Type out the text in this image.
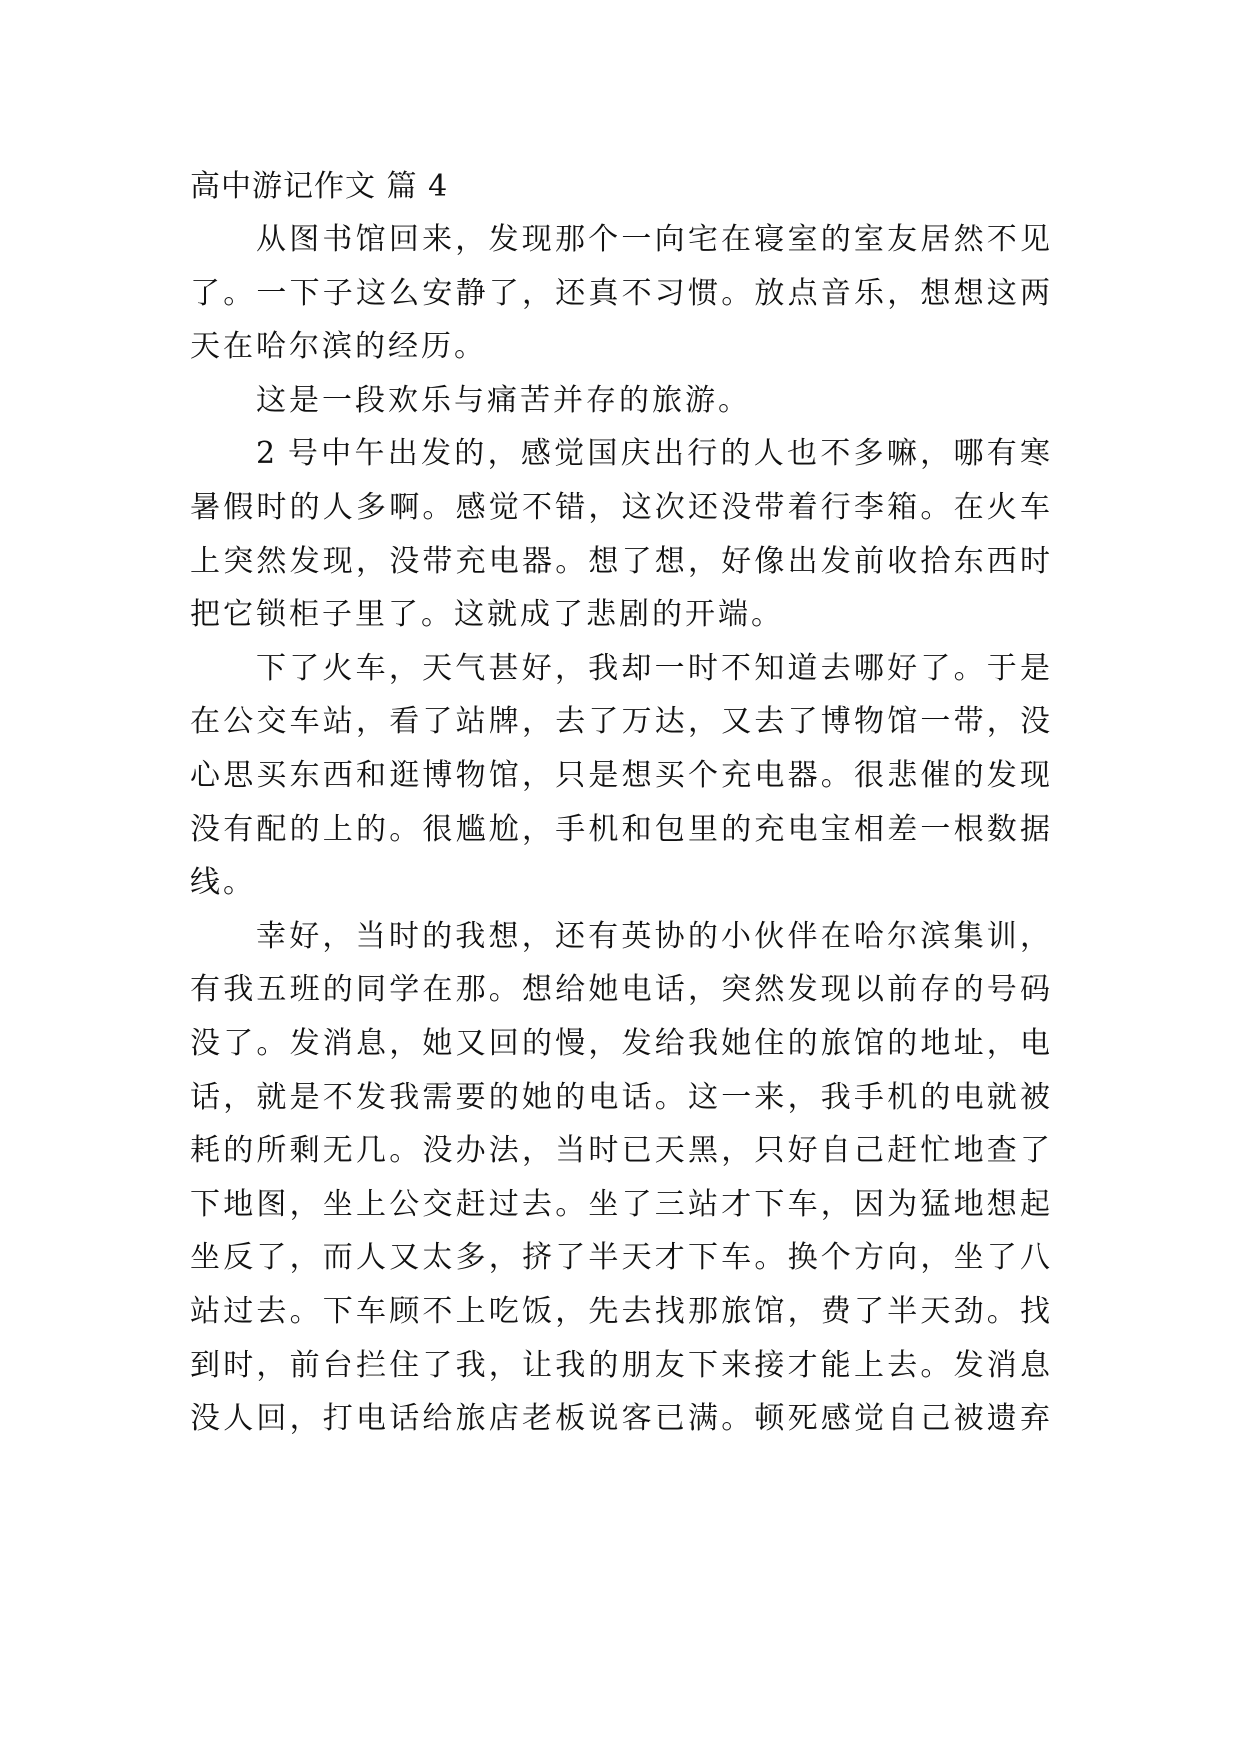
高中游记作文 篇 4
从图书馆回来，发现那个一向宅在寝室的室友居然不见
了。一下子这么安静了，还真不习惯。放点音乐，想想这两
天在哈尔滨的经历。
这是一段欢乐与痛苦并存的旅游。
2 号中午出发的，感觉国庆出行的人也不多嘛，哪有寒
暑假时的人多啊。感觉不错，这次还没带着行李箱。在火车
上突然发现，没带充电器。想了想，好像出发前收拾东西时
把它锁柜子里了。这就成了悲剧的开端。
下了火车，天气甚好，我却一时不知道去哪好了。于是
在公交车站，看了站牌，去了万达，又去了博物馆一带，没
心思买东西和逛博物馆，只是想买个充电器。很悲催的发现
没有配的上的。很尴尬，手机和包里的充电宝相差一根数据
线。
幸好，当时的我想，还有英协的小伙伴在哈尔滨集训，
有我五班的同学在那。想给她电话，突然发现以前存的号码
没了。发消息，她又回的慢，发给我她住的旅馆的地址，电
话，就是不发我需要的她的电话。这一来，我手机的电就被
耗的所剩无几。没办法，当时已天黑，只好自己赶忙地查了
下地图，坐上公交赶过去。坐了三站才下车，因为猛地想起
坐反了，而人又太多，挤了半天才下车。换个方向，坐了八
站过去。下车顾不上吃饭，先去找那旅馆，费了半天劲。找
到时，前台拦住了我，让我的朋友下来接才能上去。发消息
没人回，打电话给旅店老板说客已满。顿死感觉自己被遗弃
